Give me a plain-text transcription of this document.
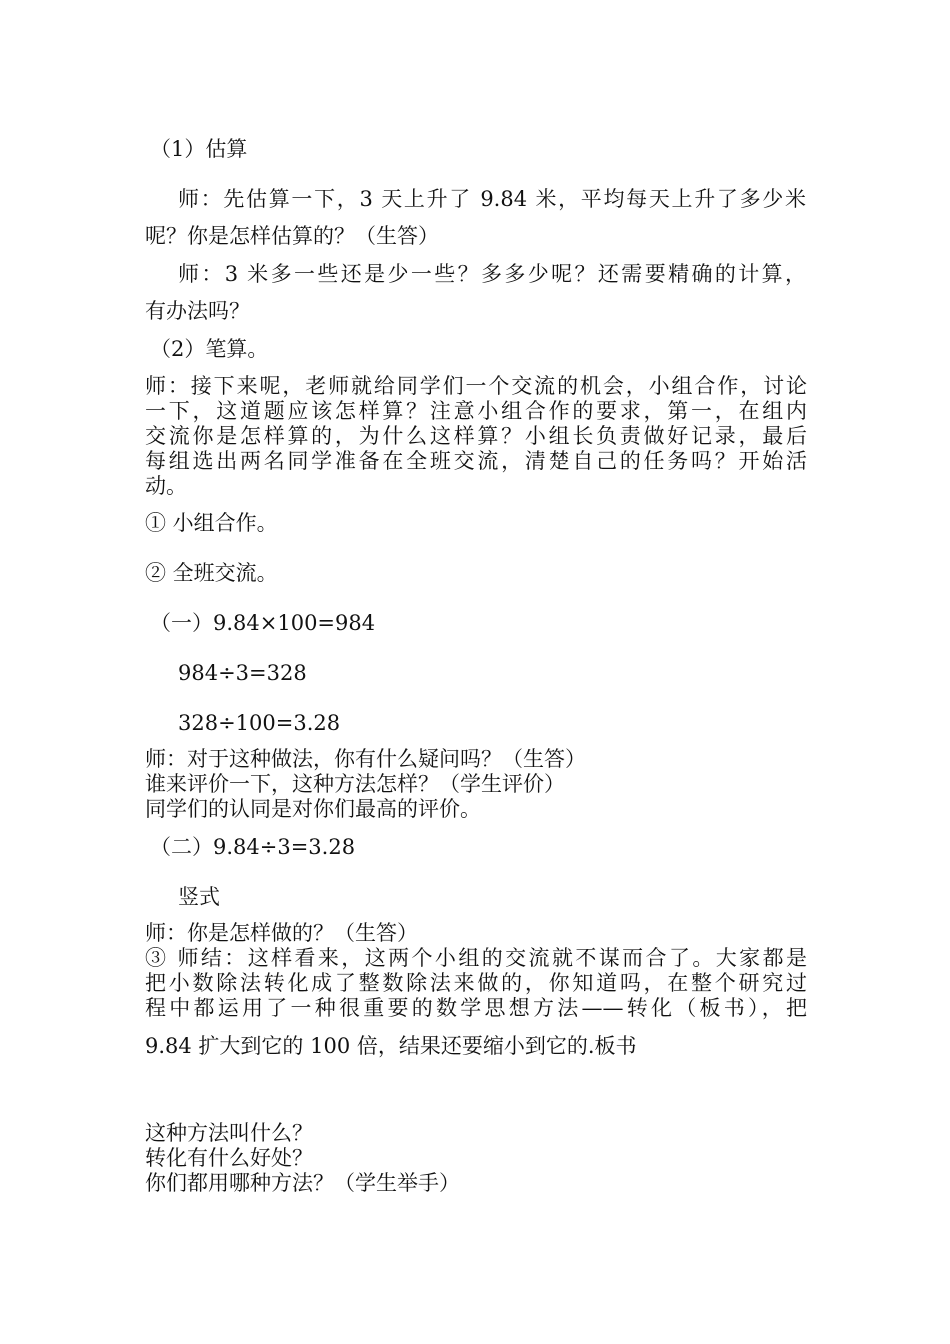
（1）估算
师：先估算一下，3 天上升了 9.84 米，平均每天上升了多少米
呢？你是怎样估算的？（生答）
师：3 米多一些还是少一些？多多少呢？还需要精确的计算，
有办法吗？
（2）笔算。
师：接下来呢，老师就给同学们一个交流的机会，小组合作，讨论
一下，这道题应该怎样算？注意小组合作的要求，第一，在组内
交流你是怎样算的，为什么这样算？小组长负责做好记录，最后
每组选出两名同学准备在全班交流，清楚自己的任务吗？开始活
动。
① 小组合作。
② 全班交流。
（一）9.84×100=984
984÷3=328
328÷100=3.28
师：对于这种做法，你有什么疑问吗？（生答）
谁来评价一下，这种方法怎样？（学生评价）
同学们的认同是对你们最高的评价。
（二）9.84÷3=3.28
竖式
师：你是怎样做的？（生答）
③ 师结：这样看来，这两个小组的交流就不谋而合了。大家都是
把小数除法转化成了整数除法来做的，你知道吗，在整个研究过
程中都运用了一种很重要的数学思想方法——转化（板书），把
9.84 扩大到它的 100 倍，结果还要缩小到它的.板书
这种方法叫什么？
转化有什么好处？
你们都用哪种方法？（学生举手）
